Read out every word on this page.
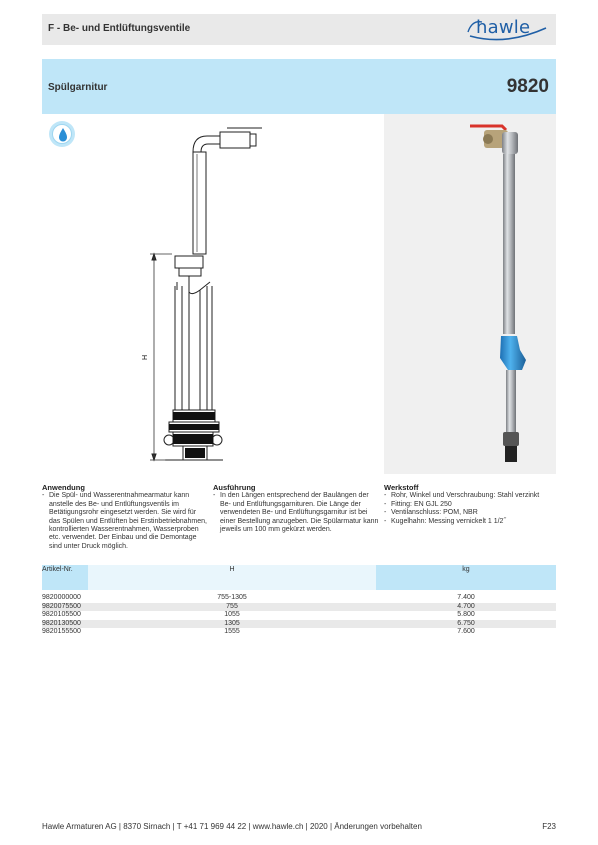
F - Be- und Entlüftungsventile	hawle
Spülgarnitur	9820
H
Anwendung
- Die Spül- und Wasserentnahmearmatur kann anstelle des Be- und Entlüftungsventils im Betätigungsrohr eingesetzt werden. Sie wird für das Spülen und Entlüften bei Erstinbetriebnahmen, kontrollierten Wasserentnahmen, Wasserproben etc. verwendet. Der Einbau und die Demontage sind unter Druck möglich.
Ausführung
- In den Längen entsprechend der Baulängen der Be- und Entlüftungsgarnituren. Die Länge der verwendeten Be- und Entlüftungsgarnitur ist bei einer Bestellung anzugeben. Die Spülarmatur kann jeweils um 100 mm gekürzt werden.
Werkstoff
- Rohr, Winkel und Verschraubung: Stahl verzinkt
- Fitting: EN GJL 250
- Ventilanschluss: POM, NBR
- Kugelhahn: Messing vernickelt 1 1/2˝
Artikel-Nr.	H	kg
9820000000	755-1305	7.400
9820075500	755	4.700
9820105500	1055	5.800
9820130500	1305	6.750
9820155500	1555	7.600
Hawle Armaturen AG | 8370 Sirnach | T +41 71 969 44 22 | www.hawle.ch | 2020 | Änderungen vorbehalten	F23
